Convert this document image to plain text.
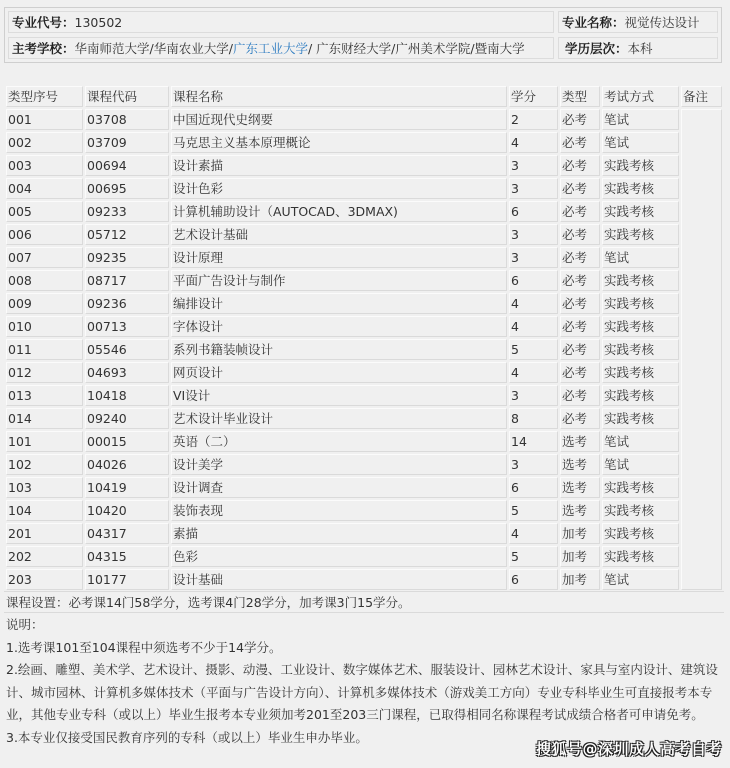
专业代号：130502	专业名称：视觉传达设计
主考学校：华南师范大学/华南农业大学/广东工业大学/ 广东财经大学/广州美术学院/暨南大学	学历层次：本科
类型序号	课程代码	课程名称	学分	类型	考试方式	备注
001	03708	中国近现代史纲要	2	必考	笔试	
002	03709	马克思主义基本原理概论	4	必考	笔试	
003	00694	设计素描	3	必考	实践考核	
004	00695	设计色彩	3	必考	实践考核	
005	09233	计算机辅助设计（AUTOCAD、3DMAX)	6	必考	实践考核	
006	05712	艺术设计基础	3	必考	实践考核	
007	09235	设计原理	3	必考	笔试	
008	08717	平面广告设计与制作	6	必考	实践考核	
009	09236	编排设计	4	必考	实践考核	
010	00713	字体设计	4	必考	实践考核	
011	05546	系列书籍装帧设计	5	必考	实践考核	
012	04693	网页设计	4	必考	实践考核	
013	10418	VI设计	3	必考	实践考核	
014	09240	艺术设计毕业设计	8	必考	实践考核	
101	00015	英语（二）	14	选考	笔试	
102	04026	设计美学	3	选考	笔试	
103	10419	设计调查	6	选考	实践考核	
104	10420	装饰表现	5	选考	实践考核	
201	04317	素描	4	加考	实践考核	
202	04315	色彩	5	加考	实践考核	
203	10177	设计基础	6	加考	笔试	
课程设置：必考课14门58学分，选考课4门28学分，加考课3门15学分。

说明：

1.选考课101至104课程中须选考不少于14学分。

2.绘画、雕塑、美术学、艺术设计、摄影、动漫、工业设计、数字媒体艺术、服装设计、园林艺术设计、家具与室内设计、建筑设计、城市园林、计算机多媒体技术（平面与广告设计方向）、计算机多媒体技术（游戏美工方向）专业专科毕业生可直接报考本专业，其他专业专科（或以上）毕业生报考本专业须加考201至203三门课程，已取得相同名称课程考试成绩合格者可申请免考。

3.本专业仅接受国民教育序列的专科（或以上）毕业生申办毕业。

搜狐号@深圳成人高考自考
